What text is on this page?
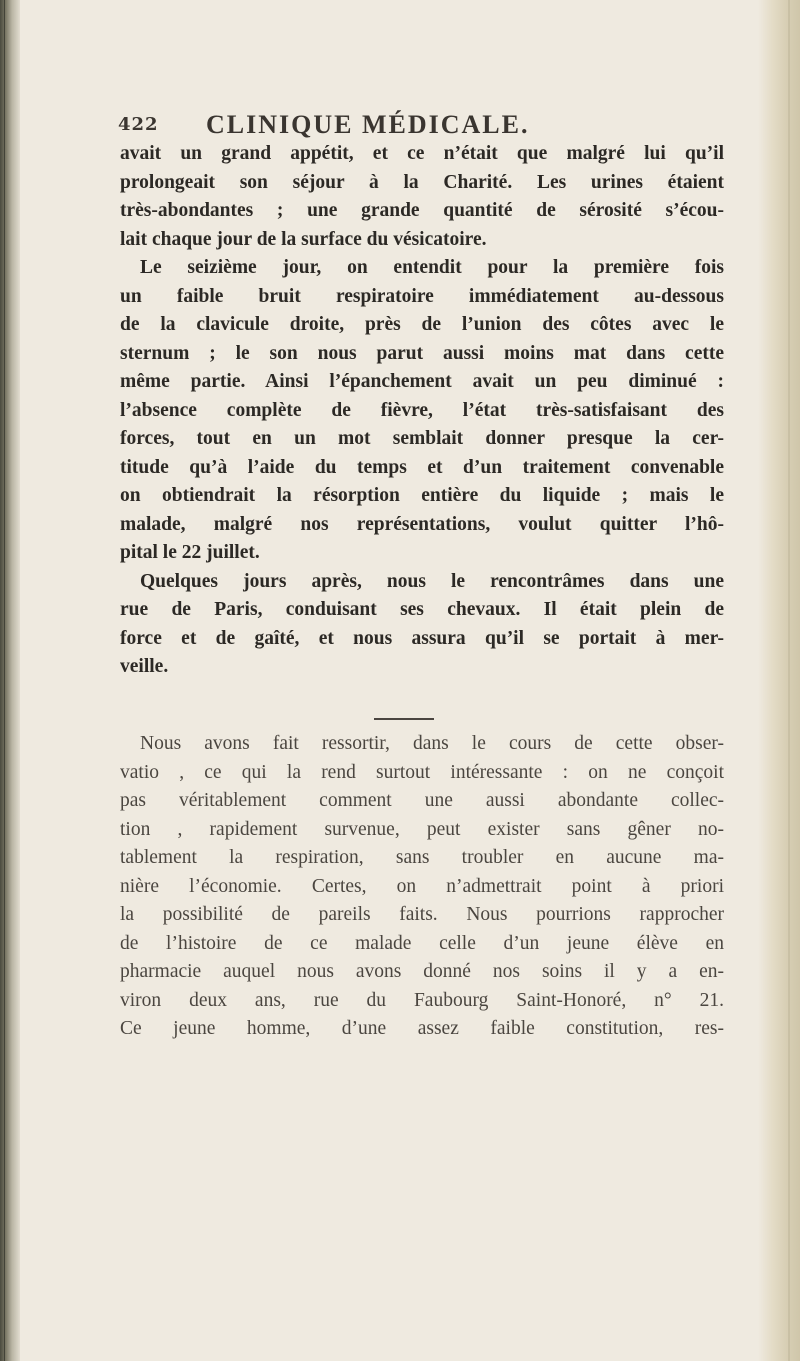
422 CLINIQUE MÉDICALE.
avait un grand appétit, et ce n’était que malgré lui qu’il
prolongeait son séjour à la Charité. Les urines étaient
très-abondantes ; une grande quantité de sérosité s’écou-
lait chaque jour de la surface du vésicatoire.
Le seizième jour, on entendit pour la première fois
un faible bruit respiratoire immédiatement au-dessous
de la clavicule droite, près de l’union des côtes avec le
sternum ; le son nous parut aussi moins mat dans cette
même partie. Ainsi l’épanchement avait un peu diminué :
l’absence complète de fièvre, l’état très-satisfaisant des
forces, tout en un mot semblait donner presque la cer-
titude qu’à l’aide du temps et d’un traitement convenable
on obtiendrait la résorption entière du liquide ; mais le
malade, malgré nos représentations, voulut quitter l’hô-
pital le 22 juillet.
Quelques jours après, nous le rencontrâmes dans une
rue de Paris, conduisant ses chevaux. Il était plein de
force et de gaîté, et nous assura qu’il se portait à mer-
veille.
Nous avons fait ressortir, dans le cours de cette obser-
vatio , ce qui la rend surtout intéressante : on ne conçoit
pas véritablement comment une aussi abondante collec-
tion , rapidement survenue, peut exister sans gêner no-
tablement la respiration, sans troubler en aucune ma-
nière l’économie. Certes, on n’admettrait point à priori
la possibilité de pareils faits. Nous pourrions rapprocher
de l’histoire de ce malade celle d’un jeune élève en
pharmacie auquel nous avons donné nos soins il y a en-
viron deux ans, rue du Faubourg Saint-Honoré, n° 21.
Ce jeune homme, d’une assez faible constitution, res-
